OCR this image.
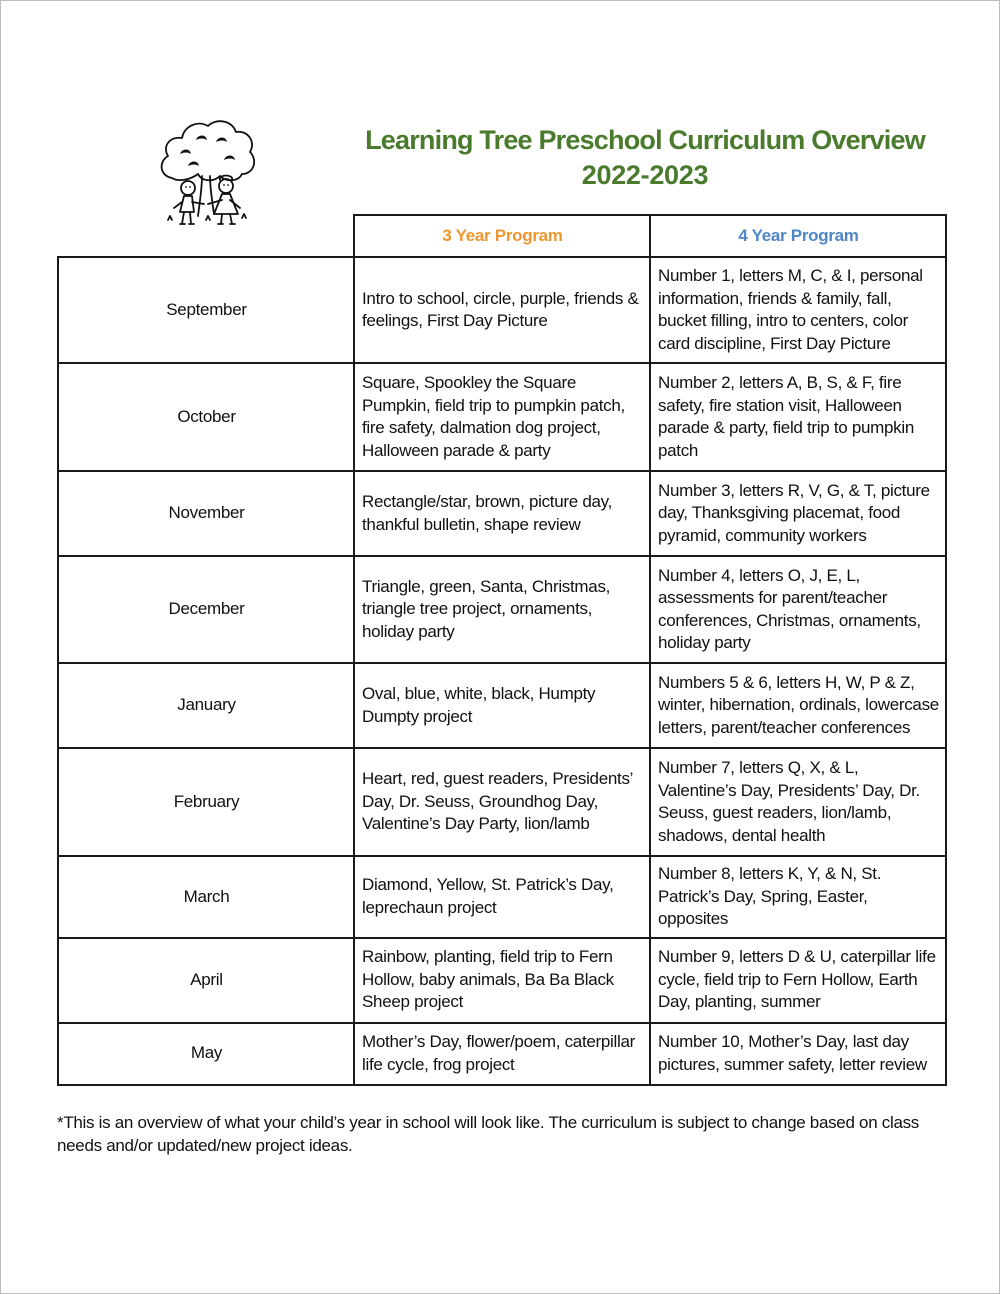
Learning Tree Preschool Curriculum Overview
2022-2023
	3 Year Program	4 Year Program
September	Intro to school, circle, purple, friends & feelings, First Day Picture	Number 1, letters M, C, & I, personal information, friends & family, fall, bucket filling, intro to centers, color card discipline, First Day Picture
October	Square, Spookley the Square Pumpkin, field trip to pumpkin patch, fire safety, dalmation dog project, Halloween parade & party	Number 2, letters A, B, S, & F, fire safety, fire station visit, Halloween parade & party, field trip to pumpkin patch
November	Rectangle/star, brown, picture day, thankful bulletin, shape review	Number 3, letters R, V, G, & T, picture day, Thanksgiving placemat, food pyramid, community workers
December	Triangle, green, Santa, Christmas, triangle tree project, ornaments, holiday party	Number 4, letters O, J, E, L, assessments for parent/teacher conferences, Christmas, ornaments, holiday party
January	Oval, blue, white, black, Humpty Dumpty project	Numbers 5 & 6, letters H, W, P & Z, winter, hibernation, ordinals, lowercase letters, parent/teacher conferences
February	Heart, red, guest readers, Presidents’ Day, Dr. Seuss, Groundhog Day, Valentine’s Day Party, lion/lamb	Number 7, letters Q, X, & L, Valentine’s Day, Presidents’ Day, Dr. Seuss, guest readers, lion/lamb, shadows, dental health
March	Diamond, Yellow, St. Patrick’s Day, leprechaun project	Number 8, letters K, Y, & N, St. Patrick’s Day, Spring, Easter, opposites
April	Rainbow, planting, field trip to Fern Hollow, baby animals, Ba Ba Black Sheep project	Number 9, letters D & U, caterpillar life cycle, field trip to Fern Hollow, Earth Day, planting, summer
May	Mother’s Day, flower/poem, caterpillar life cycle, frog project	Number 10, Mother’s Day, last day pictures, summer safety, letter review
*This is an overview of what your child’s year in school will look like. The curriculum is subject to change based on class needs and/or updated/new project ideas.
